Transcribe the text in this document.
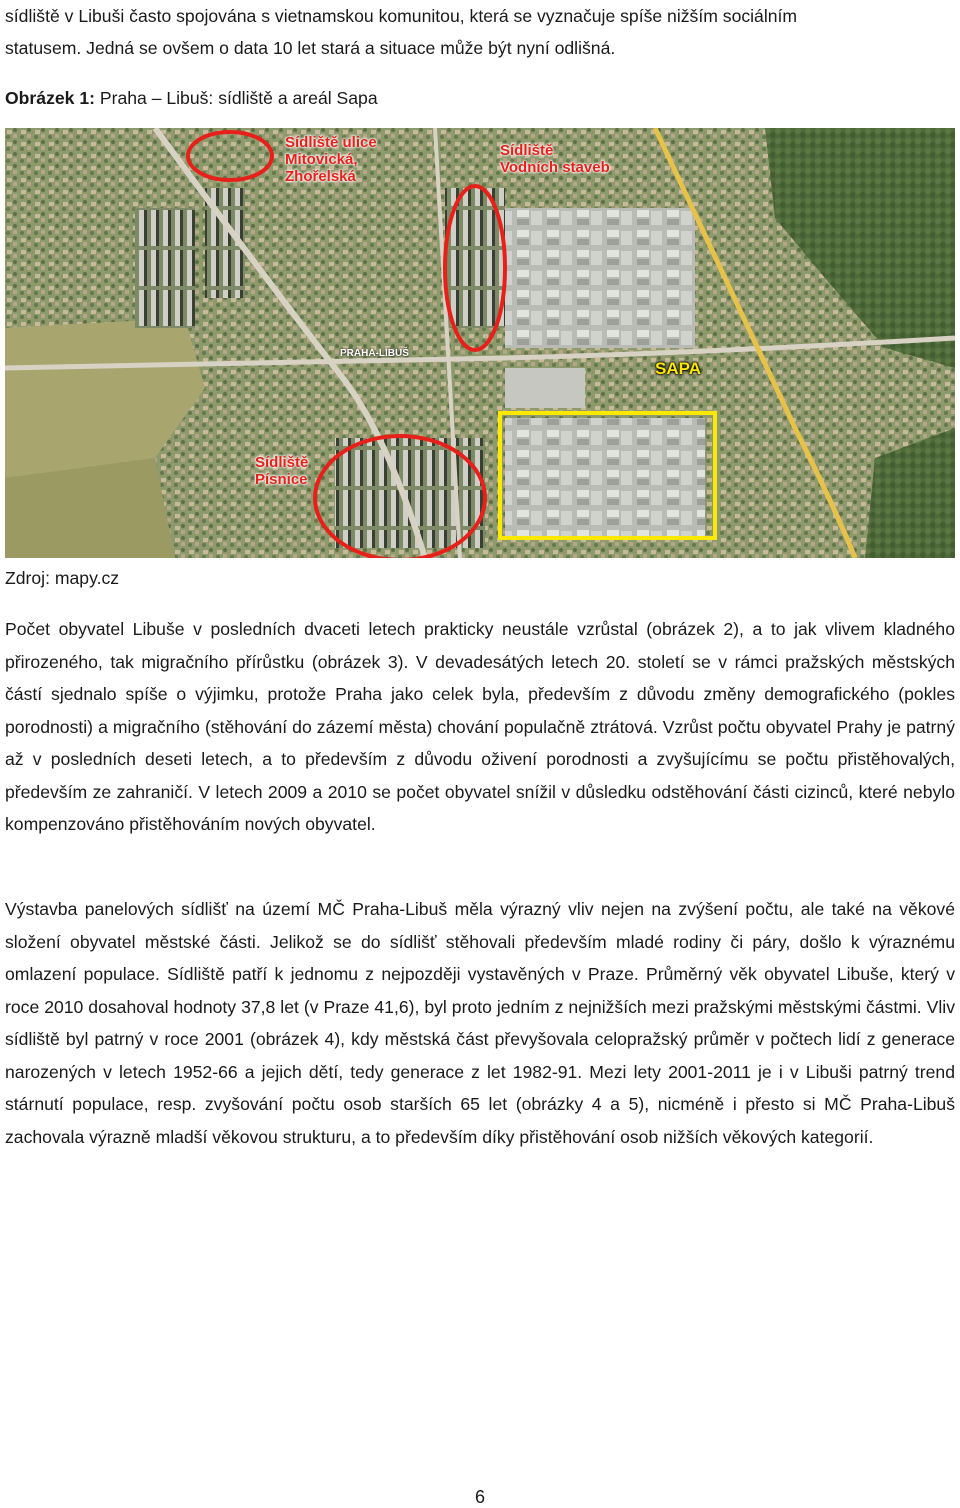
sídliště v Libuši často spojována s vietnamskou komunitou, která se vyznačuje spíše nižším sociálním

statusem. Jedná se ovšem o data 10 let stará a situace může být nyní odlišná.

Obrázek 1: Praha – Libuš: sídliště a areál Sapa

Sídliště ulice
Mitovická,
Zhořelská
Sídliště
Vodních staveb
SAPA
Sídliště
Písnice
PRAHA-LIBUŠ

Zdroj: mapy.cz

Počet obyvatel Libuše v posledních dvaceti letech prakticky neustále vzrůstal (obrázek 2), a to jak vlivem kladného přirozeného, tak migračního přírůstku (obrázek 3). V devadesátých letech 20. století se v rámci pražských městských částí sjednalo spíše o výjimku, protože Praha jako celek byla, především z důvodu změny demografického (pokles porodnosti) a migračního (stěhování do zázemí města) chování populačně ztrátová. Vzrůst počtu obyvatel Prahy je patrný až v posledních deseti letech, a to především z důvodu oživení porodnosti a zvyšujícímu se počtu přistěhovalých, především ze zahraničí. V letech 2009 a 2010 se počet obyvatel snížil v důsledku odstěhování části cizinců, které nebylo kompenzováno přistěhováním nových obyvatel.

Výstavba panelových sídlišť na území MČ Praha-Libuš měla výrazný vliv nejen na zvýšení počtu, ale také na věkové složení obyvatel městské části. Jelikož se do sídlišť stěhovali především mladé rodiny či páry, došlo k výraznému omlazení populace. Sídliště patří k jednomu z nejpozději vystavěných v Praze. Průměrný věk obyvatel Libuše, který v roce 2010 dosahoval hodnoty 37,8 let (v Praze 41,6), byl proto jedním z nejnižších mezi pražskými městskými částmi. Vliv sídliště byl patrný v roce 2001 (obrázek 4), kdy městská část převyšovala celopražský průměr v počtech lidí z generace narozených v letech 1952-66 a jejich dětí, tedy generace z let 1982-91. Mezi lety 2001-2011 je i v Libuši patrný trend stárnutí populace, resp. zvyšování počtu osob starších 65 let (obrázky 4 a 5), nicméně i přesto si MČ Praha-Libuš zachovala výrazně mladší věkovou strukturu, a to především díky přistěhování osob nižších věkových kategorií.

6
